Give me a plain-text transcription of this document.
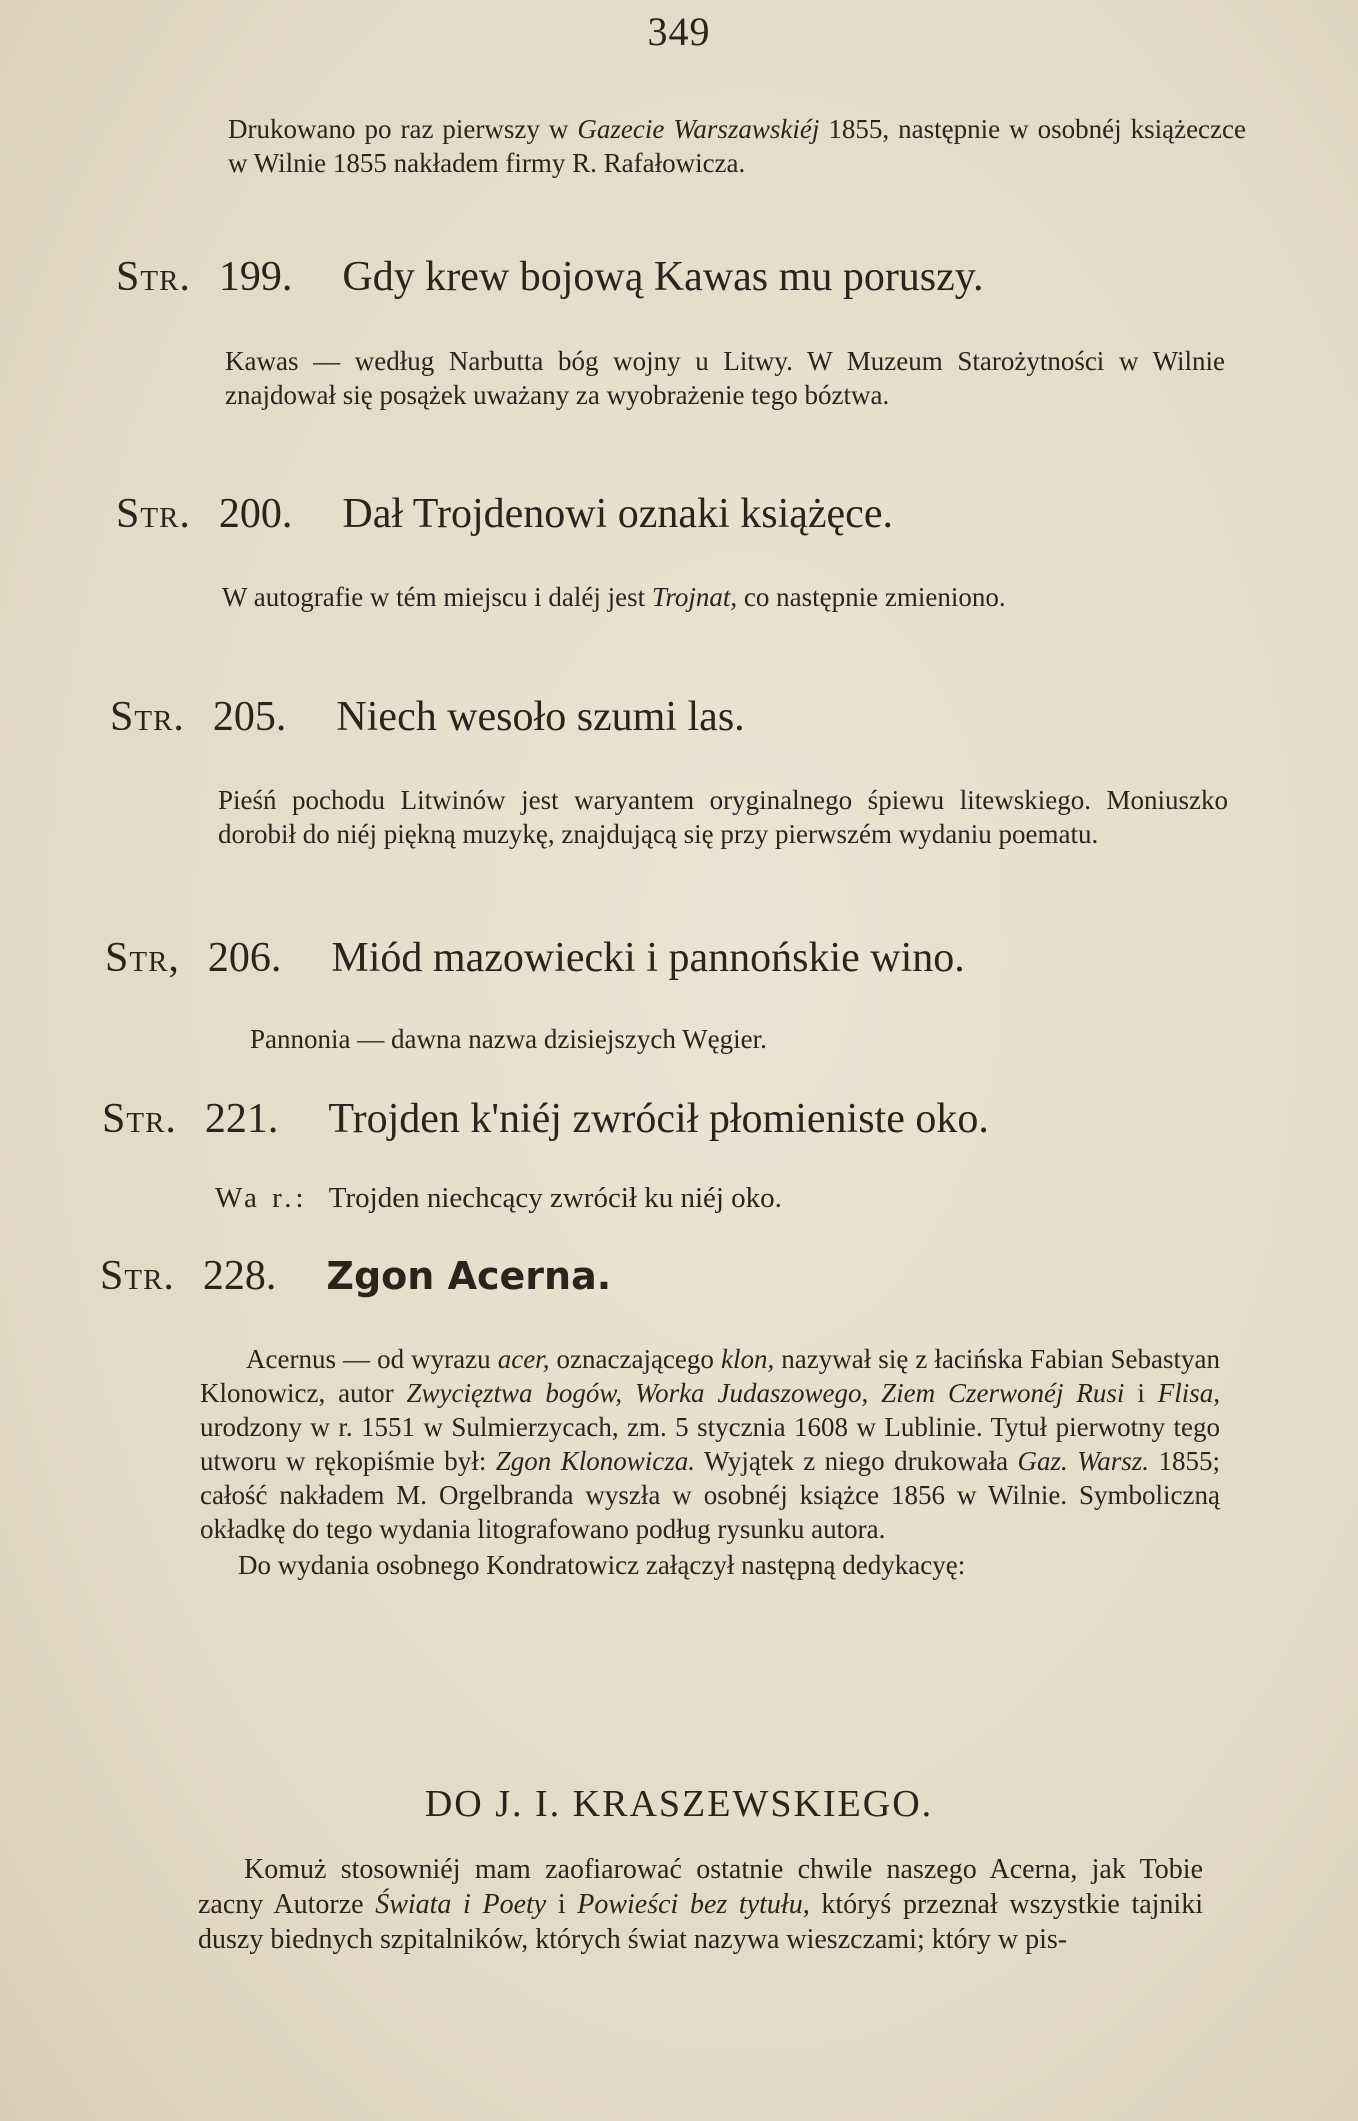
349

Drukowano po raz pierwszy w Gazecie Warszawskiéj 1855, następnie w osobnéj książeczce w Wilnie 1855 nakładem firmy R. Rafałowicza.

Str. 199. Gdy krew bojową Kawas mu poruszy.

Kawas — według Narbutta bóg wojny u Litwy. W Muzeum Starożytności w Wilnie znajdował się posążek uważany za wyobrażenie tego bóztwa.

Str. 200. Dał Trojdenowi oznaki książęce.

W autografie w tém miejscu i daléj jest Trojnat, co następnie zmieniono.

Str. 205. Niech wesoło szumi las.

Pieśń pochodu Litwinów jest waryantem oryginalnego śpiewu litewskiego. Moniuszko dorobił do niéj piękną muzykę, znajdującą się przy pierwszém wydaniu poematu.

Str, 206. Miód mazowiecki i pannońskie wino.

Pannonia — dawna nazwa dzisiejszych Węgier.

Str. 221. Trojden k'niéj zwrócił płomieniste oko.
Wa r.: Trojden niechcący zwrócił ku niéj oko.
Str. 228. Zgon Acerna.

Acernus — od wyrazu acer, oznaczającego klon, nazywał się z łacińska Fabian Sebastyan Klonowicz, autor Zwycięztwa bogów, Worka Judaszowego, Ziem Czerwonéj Rusi i Flisa, urodzony w r. 1551 w Sulmierzycach, zm. 5 stycznia 1608 w Lublinie. Tytuł pierwotny tego utworu w rękopiśmie był: Zgon Klonowicza. Wyjątek z niego drukowała Gaz. Warsz. 1855; całość nakładem M. Orgelbranda wyszła w osobnéj książce 1856 w Wilnie. Symboliczną okładkę do tego wydania litografowano podług rysunku autora.

Do wydania osobnego Kondratowicz załączył następną dedykacyę:

DO J. I. KRASZEWSKIEGO.

Komuż stosowniéj mam zaofiarować ostatnie chwile naszego Acerna, jak Tobie zacny Autorze Świata i Poety i Powieści bez tytułu, któryś przeznał wszystkie tajniki duszy biednych szpitalników, których świat nazywa wieszczami; który w pis-
